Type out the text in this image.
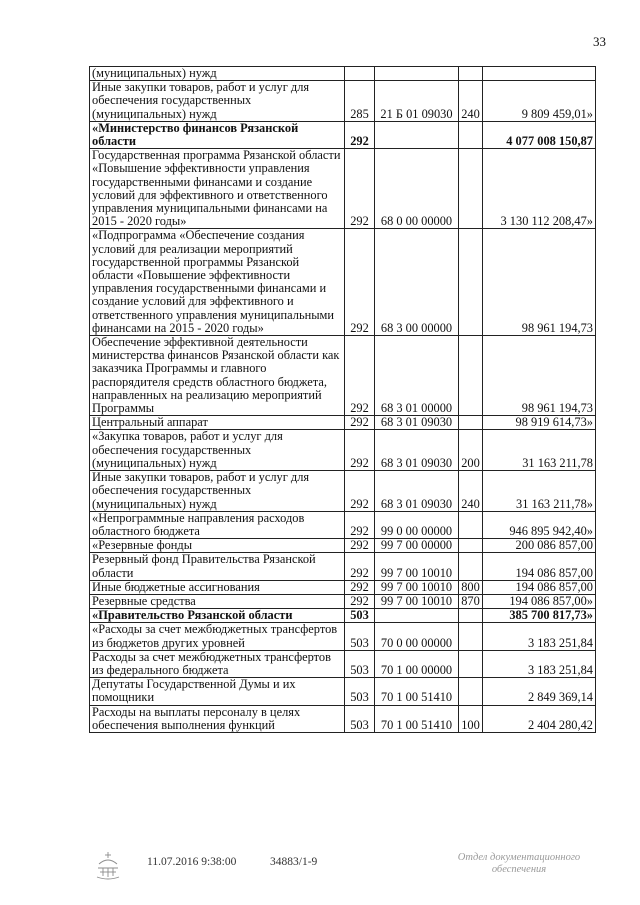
33
(муниципальных) нужд				
Иные закупки товаров, работ и услуг для обеспечения государственных (муниципальных) нужд	285	21 Б 01 09030	240	9 809 459,01»
«Министерство финансов Рязанской области	292			4 077 008 150,87
Государственная программа Рязанской области «Повышение эффективности управления государственными финансами и создание условий для эффективного и ответственного управления муниципальными финансами на 2015 - 2020 годы»	292	68 0 00 00000		3 130 112 208,47»
«Подпрограмма «Обеспечение создания условий для реализации мероприятий государственной программы Рязанской области «Повышение эффективности управления государственными финансами и создание условий для эффективного и ответственного управления муниципальными финансами на 2015 - 2020 годы»	292	68 3 00 00000		98 961 194,73
Обеспечение эффективной деятельности министерства финансов Рязанской области как заказчика Программы и главного распорядителя средств областного бюджета, направленных на реализацию мероприятий Программы	292	68 3 01 00000		98 961 194,73
Центральный аппарат	292	68 3 01 09030		98 919 614,73»
«Закупка товаров, работ и услуг для обеспечения государственных (муниципальных) нужд	292	68 3 01 09030	200	31 163 211,78
Иные закупки товаров, работ и услуг для обеспечения государственных (муниципальных) нужд	292	68 3 01 09030	240	31 163 211,78»
«Непрограммные направления расходов областного бюджета	292	99 0 00 00000		946 895 942,40»
«Резервные фонды	292	99 7 00 00000		200 086 857,00
Резервный фонд Правительства Рязанской области	292	99 7 00 10010		194 086 857,00
Иные бюджетные ассигнования	292	99 7 00 10010	800	194 086 857,00
Резервные средства	292	99 7 00 10010	870	194 086 857,00»
«Правительство Рязанской области	503			385 700 817,73»
«Расходы за счет межбюджетных трансфертов из бюджетов других уровней	503	70 0 00 00000		3 183 251,84
Расходы за счет межбюджетных трансфертов из федерального бюджета	503	70 1 00 00000		3 183 251,84
Депутаты Государственной Думы и их помощники	503	70 1 00 51410		2 849 369,14
Расходы на выплаты персоналу в целях обеспечения выполнения функций	503	70 1 00 51410	100	2 404 280,42
11.07.2016 9:38:00	34883/1-9	Отдел документационного обеспечения
